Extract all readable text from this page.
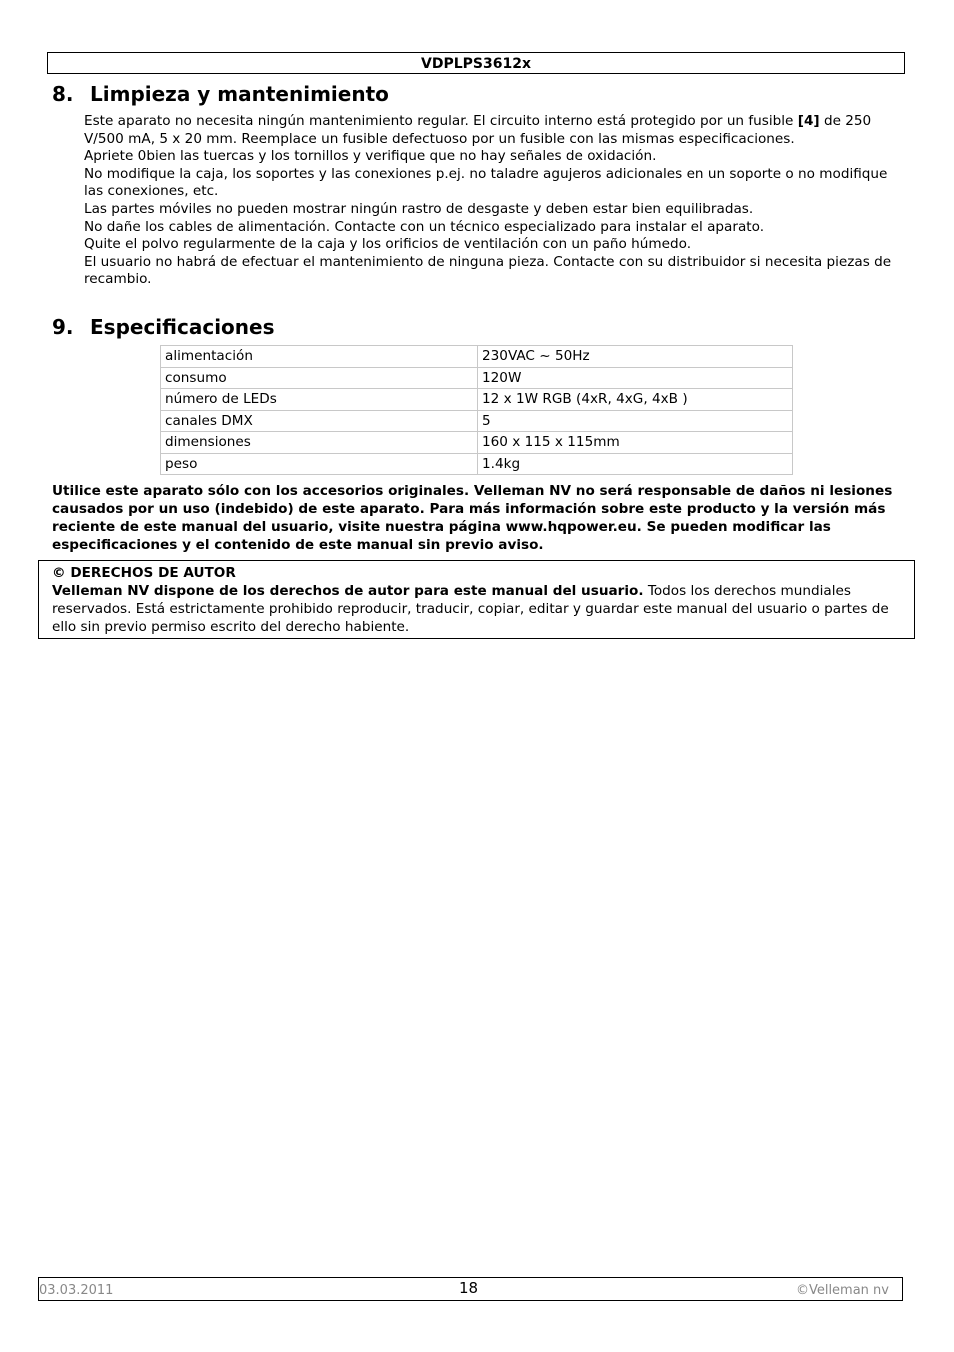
VDPLPS3612x
8. Limpieza y mantenimiento

Este aparato no necesita ningún mantenimiento regular. El circuito interno está protegido por un fusible [4] de 250 V/500 mA, 5 x 20 mm. Reemplace un fusible defectuoso por un fusible con las mismas especificaciones.

Apriete 0bien las tuercas y los tornillos y verifique que no hay señales de oxidación.

No modifique la caja, los soportes y las conexiones p.ej. no taladre agujeros adicionales en un soporte o no modifique las conexiones, etc.

Las partes móviles no pueden mostrar ningún rastro de desgaste y deben estar bien equilibradas.

No dañe los cables de alimentación. Contacte con un técnico especializado para instalar el aparato.

Quite el polvo regularmente de la caja y los orificios de ventilación con un paño húmedo.

El usuario no habrá de efectuar el mantenimiento de ninguna pieza. Contacte con su distribuidor si necesita piezas de recambio.

9. Especificaciones
alimentación	230VAC ~ 50Hz
consumo	120W
número de LEDs	12 x 1W RGB (4xR, 4xG, 4xB )
canales DMX	5
dimensiones	160 x 115 x 115mm
peso	1.4kg
Utilice este aparato sólo con los accesorios originales. Velleman NV no será responsable de daños ni lesiones causados por un uso (indebido) de este aparato. Para más información sobre este producto y la versión más reciente de este manual del usuario, visite nuestra página www.hqpower.eu. Se pueden modificar las especificaciones y el contenido de este manual sin previo aviso.
© DERECHOS DE AUTOR
Velleman NV dispone de los derechos de autor para este manual del usuario. Todos los derechos mundiales reservados. Está estrictamente prohibido reproducir, traducir, copiar, editar y guardar este manual del usuario o partes de ello sin previo permiso escrito del derecho habiente.
03.03.2011	18	©Velleman nv
